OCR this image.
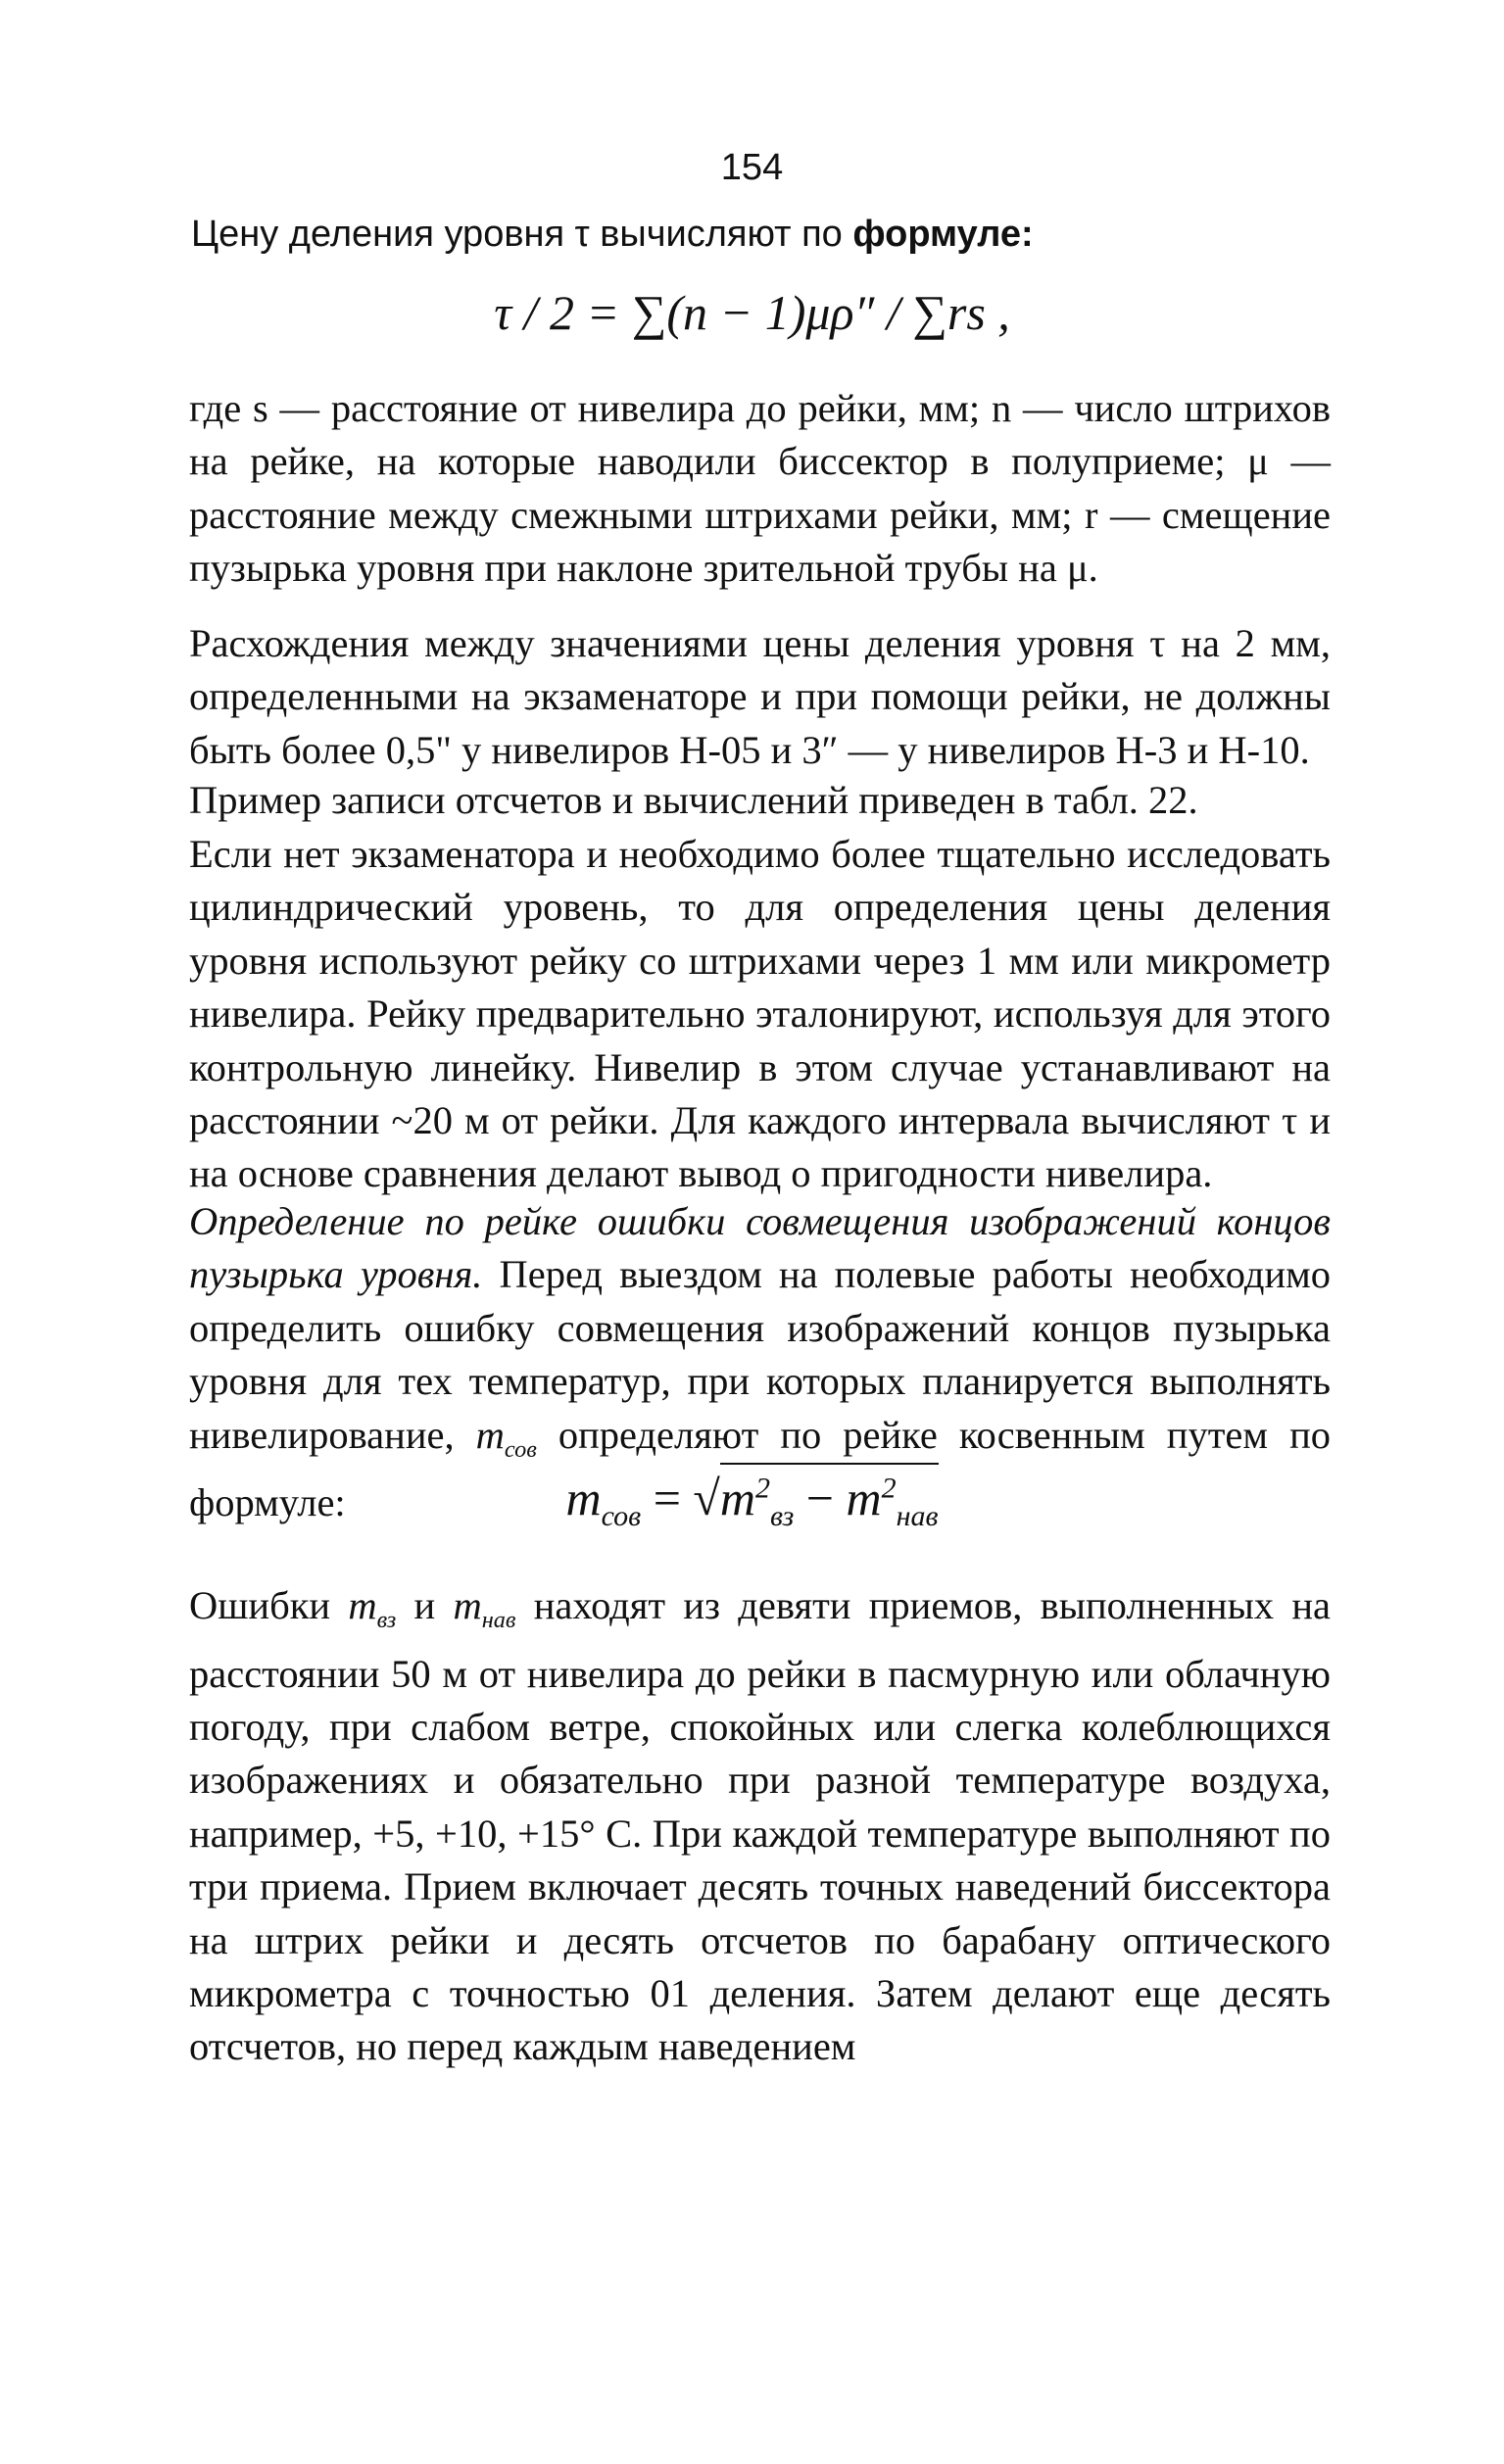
154

Цену деления уровня τ вычисляют по формуле:

τ / 2 = ∑(n − 1)μρ″ / ∑rs ,

где s — расстояние от нивелира до рейки, мм; n — число штрихов на рейке, на которые наводили биссектор в полуприеме; μ — расстояние между смежными штрихами рейки, мм; r — смещение пузырька уровня при наклоне зрительной трубы на μ.

Расхождения между значениями цены деления уровня τ на 2 мм, определенными на экзаменаторе и при помощи рейки, не должны быть более 0,5" у нивелиров Н-05 и 3″ — у нивелиров Н-3 и Н-10.

Пример записи отсчетов и вычислений приведен в табл. 22.

Если нет экзаменатора и необходимо более тщательно исследовать цилиндрический уровень, то для определения цены деления уровня используют рейку со штрихами через 1 мм или микрометр нивелира. Рейку предварительно эталонируют, используя для этого контрольную линейку. Нивелир в этом случае устанавливают на расстоянии ~20 м от рейки. Для каждого интервала вычисляют τ и на основе сравнения делают вывод о пригодности нивелира.

Определение по рейке ошибки совмещения изображений концов пузырька уровня. Перед выездом на полевые работы необходимо определить ошибку совмещения изображений концов пузырька уровня для тех температур, при которых планируется выполнять нивелирование, $m_{сов}$ определяют по рейке косвенным путем по формуле:	$m_{сов} = √m^2_{вз} - m^2_{нав}$

Ошибки $m_{вз}$ и $m_{нав}$ находят из девяти приемов, выполненных на расстоянии 50 м от нивелира до рейки в пасмурную или облачную погоду, при слабом ветре, спокойных или слегка колеблющихся изображениях и обязательно при разной температуре воздуха, например, +5, +10, +15° С. При каждой температуре выполняют по три приема. Прием включает десять точных наведений биссектора на штрих рейки и десять отсчетов по барабану оптического микрометра с точностью 01 деления. Затем делают еще десять отсчетов, но перед каждым наведением
